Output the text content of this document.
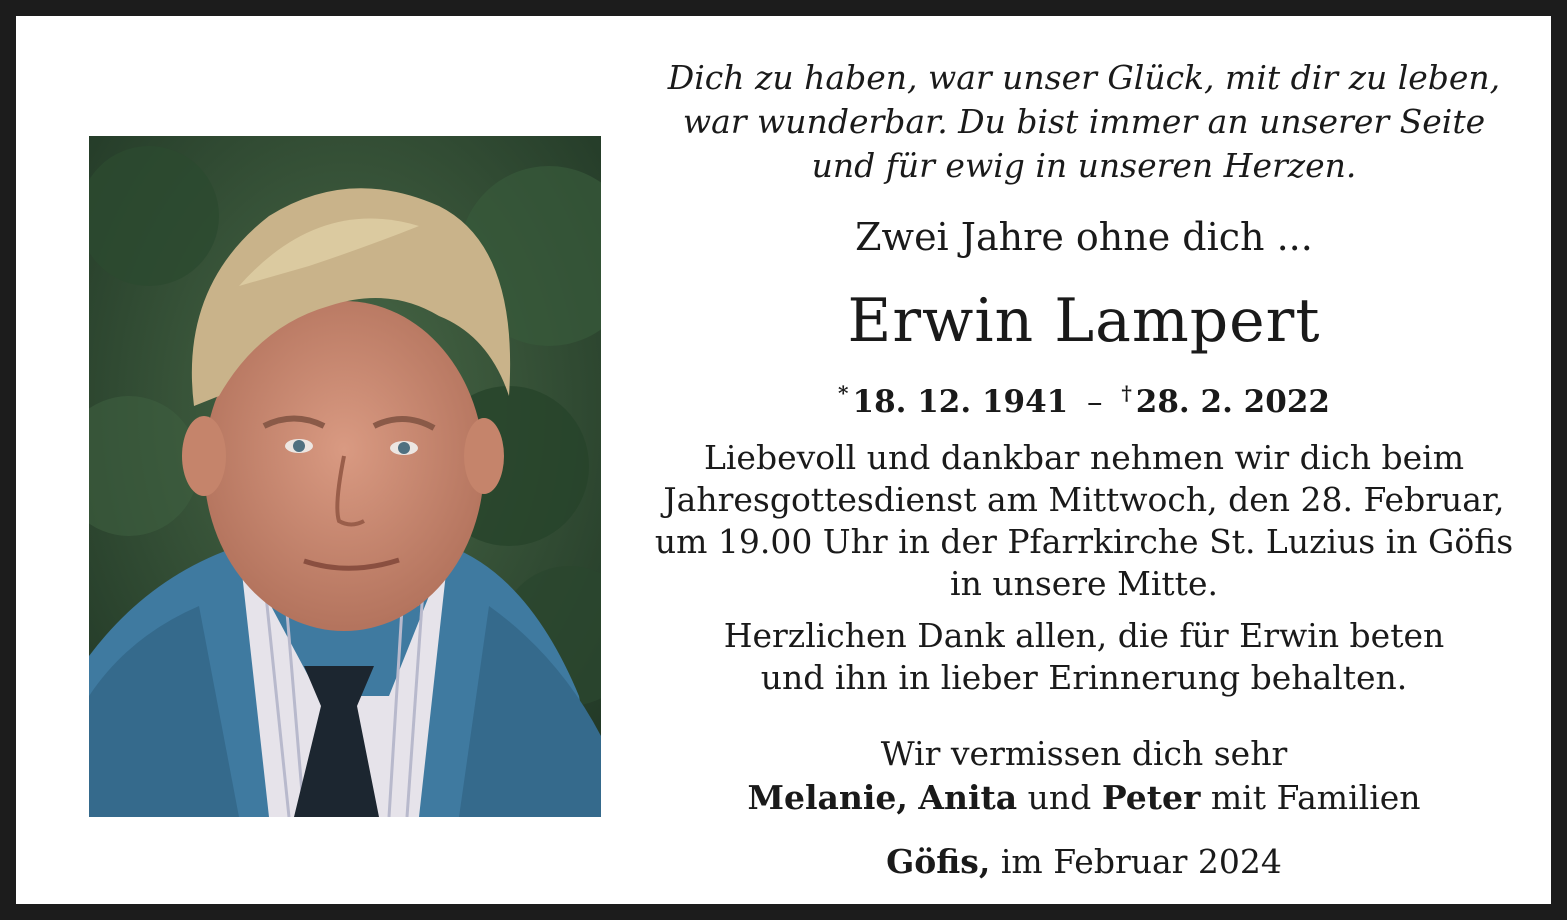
Dich zu haben, war unser Glück, mit dir zu leben,
war wunderbar. Du bist immer an unserer Seite
und für ewig in unseren Herzen.
Zwei Jahre ohne dich ...
Erwin Lampert
* 18. 12. 1941 – † 28. 2. 2022
Liebevoll und dankbar nehmen wir dich beim
Jahresgottesdienst am Mittwoch, den 28. Februar,
um 19.00 Uhr in der Pfarrkirche St. Luzius in Göfis
in unsere Mitte.
Herzlichen Dank allen, die für Erwin beten
und ihn in lieber Erinnerung behalten.
Wir vermissen dich sehr
Melanie, Anita und Peter mit Familien
Göfis, im Februar 2024
